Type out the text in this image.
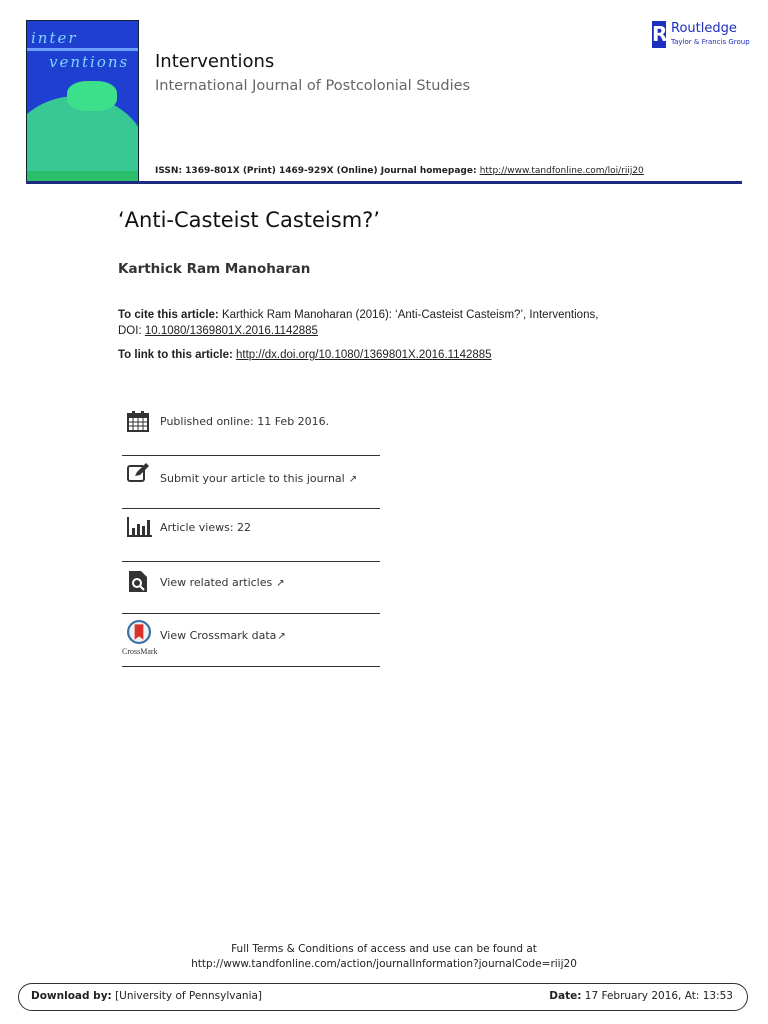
inter
ventions Interventions
International Journal of Postcolonial Studies
ISSN: 1369-801X (Print) 1469-929X (Online) Journal homepage: http://www.tandfonline.com/loi/riij20
R Routledge
Taylor & Francis Group
‘Anti-Casteist Casteism?’
Karthick Ram Manoharan
To cite this article: Karthick Ram Manoharan (2016): ‘Anti-Casteist Casteism?’, Interventions,
DOI: 10.1080/1369801X.2016.1142885
To link to this article: http://dx.doi.org/10.1080/1369801X.2016.1142885
Published online: 11 Feb 2016.
Submit your article to this journal ↗
Article views: 22
View related articles ↗
CrossMark
View Crossmark data↗
Full Terms & Conditions of access and use can be found at
http://www.tandfonline.com/action/journalInformation?journalCode=riij20
Download by: [University of Pennsylvania]	Date: 17 February 2016, At: 13:53
